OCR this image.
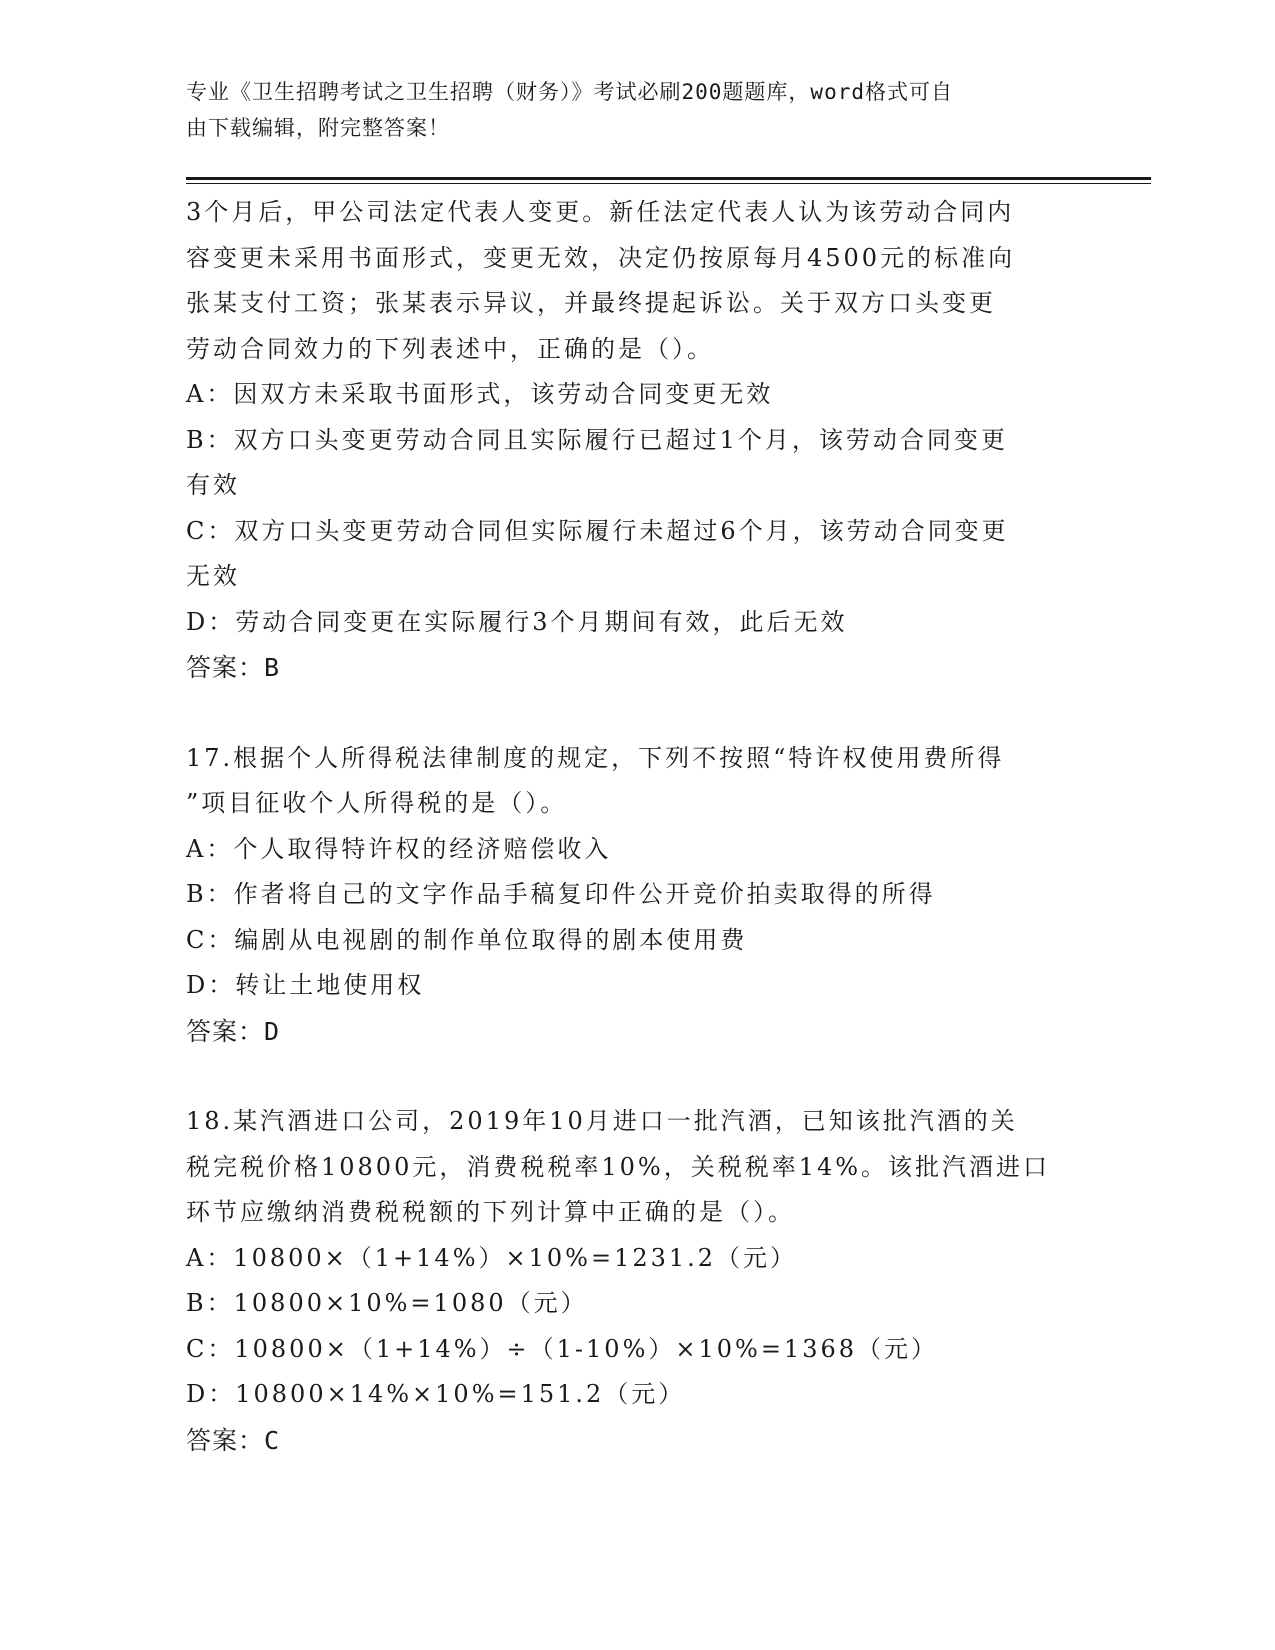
专业《卫生招聘考试之卫生招聘（财务）》考试必刷200题题库，word格式可自
由下载编辑，附完整答案！
3个月后，甲公司法定代表人变更。新任法定代表人认为该劳动合同内
容变更未采用书面形式，变更无效，决定仍按原每月4500元的标准向
张某支付工资；张某表示异议，并最终提起诉讼。关于双方口头变更
劳动合同效力的下列表述中，正确的是（）。
A：因双方未采取书面形式，该劳动合同变更无效
B：双方口头变更劳动合同且实际履行已超过1个月，该劳动合同变更
有效
C：双方口头变更劳动合同但实际履行未超过6个月，该劳动合同变更
无效
D：劳动合同变更在实际履行3个月期间有效，此后无效
答案：B
17.根据个人所得税法律制度的规定，下列不按照“特许权使用费所得
”项目征收个人所得税的是（）。
A：个人取得特许权的经济赔偿收入
B：作者将自己的文字作品手稿复印件公开竞价拍卖取得的所得
C：编剧从电视剧的制作单位取得的剧本使用费
D：转让土地使用权
答案：D
18.某汽酒进口公司，2019年10月进口一批汽酒，已知该批汽酒的关
税完税价格10800元，消费税税率10%，关税税率14%。该批汽酒进口
环节应缴纳消费税税额的下列计算中正确的是（）。
A：10800×（1+14%）×10%=1231.2（元）
B：10800×10%=1080（元）
C：10800×（1+14%）÷（1-10%）×10%=1368（元）
D：10800×14%×10%=151.2（元）
答案：C
